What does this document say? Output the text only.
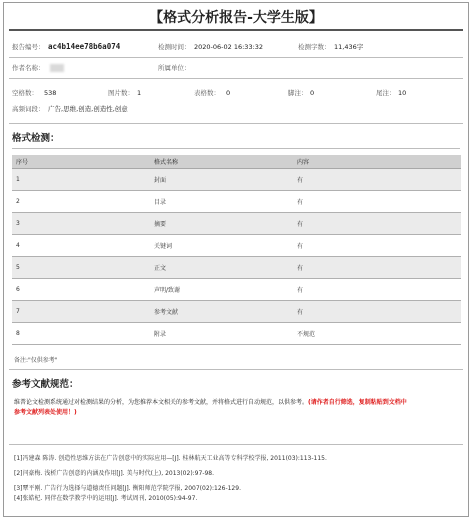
【格式分析报告-大学生版】
报告编号： ac4b14ee78b6a074	检测时间： 2020-06-02 16:33:32	检测字数： 11,436字
作者名称：	所属单位：
空格数： 538	图片数： 1	表格数： 0	脚注： 0	尾注： 10
高频词段： 广告,思维,创造,创造性,创意
格式检测：
序号	格式名称	内容
1	封面	有
2	目录	有
3	摘要	有
4	关键词	有
5	正文	有
6	声明/致谢	有
7	参考文献	有
8	附录	不规范
备注:"仅供参考"
参考文献规范：
维普论文检测系统通过对检测结果的分析，为您推荐本文相关的参考文献，并将格式进行自动规范，以供参考。(请作者自行筛选，复制粘贴到文档中
参考文献列表处使用！)
[1]冯建森 陈涛. 创造性思维方法在广告创意中的实际应用—[J]. 桂林航天工业高等专科学校学报, 2011(03):113-115.
[2]闫豪梅. 浅析广告创意的内涵及作用[J]. 美与时代(上), 2013(02):97-98.
[3]覃平刚. 广告行为选择与道德责任问题[J]. 衡阳师范学院学报, 2007(02):126-129.
[4]张皓杞. 同伴在数学教学中的运用[J]. 考试周刊, 2010(05):94-97.
